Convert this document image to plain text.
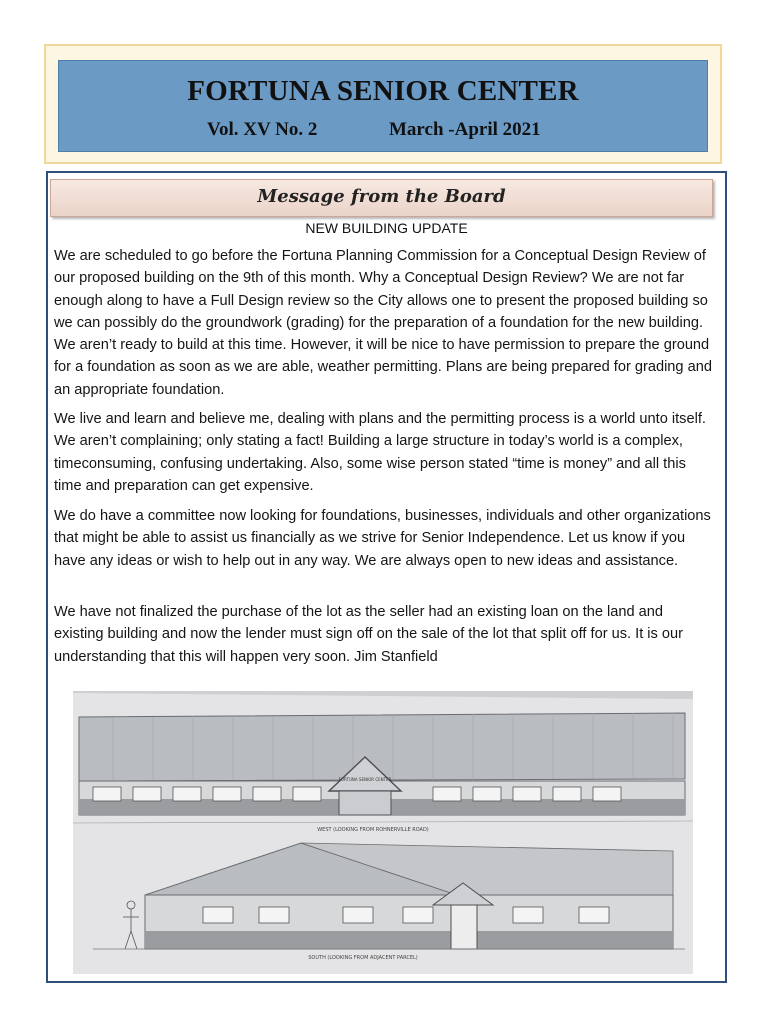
FORTUNA SENIOR CENTER
Vol. XV No. 2	March -April 2021
Message from the Board
NEW BUILDING UPDATE

We are scheduled to go before the Fortuna Planning Commission for a Conceptual Design Review of our proposed building on the 9th of this month. Why a Conceptual Design Review? We are not far enough along to have a Full Design review so the City allows one to present the proposed building so we can possibly do the groundwork (grading) for the preparation of a foundation for the new building. We aren’t ready to build at this time. However, it will be nice to have permission to prepare the ground for a foundation as soon as we are able, weather permitting. Plans are being prepared for grading and an appropriate foundation.

We live and learn and believe me, dealing with plans and the permitting process is a world unto itself. We aren’t complaining; only stating a fact! Building a large structure in today’s world is a complex, timeconsuming, confusing undertaking. Also, some wise person stated “time is money” and all this time and preparation can get expensive.

We do have a committee now looking for foundations, businesses, individuals and other organizations that might be able to assist us financially as we strive for Senior Independence. Let us know if you have any ideas or wish to help out in any way. We are always open to new ideas and assistance.

We have not finalized the purchase of the lot as the seller had an existing loan on the land and existing building and now the lender must sign off on the sale of the lot that split off for us. It is our understanding that this will happen very soon. Jim Stanfield

FORTUNA SENIOR CENTER
WEST (LOOKING FROM ROHNERVILLE ROAD)
SOUTH (LOOKING FROM ADJACENT PARCEL)
